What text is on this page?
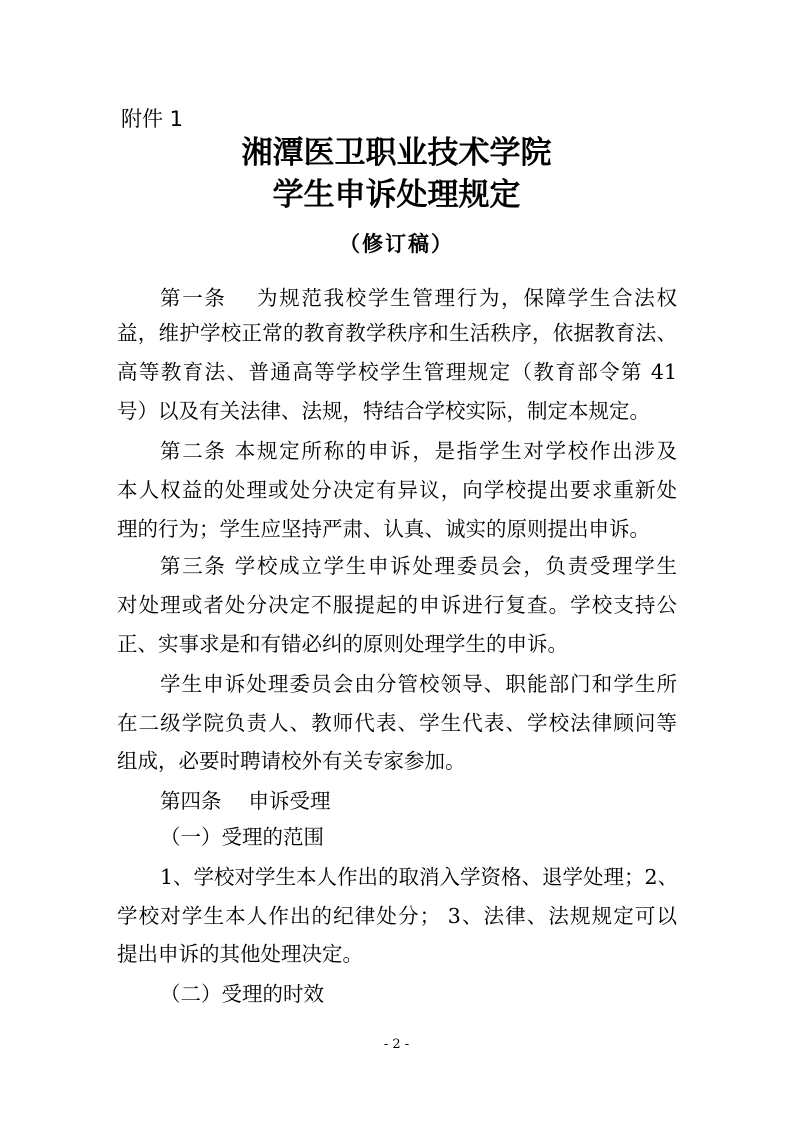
附件 1
湘潭医卫职业技术学院
学生申诉处理规定
（修订稿）
第一条　 为规范我校学生管理行为，保障学生合法权
益，维护学校正常的教育教学秩序和生活秩序，依据教育法、
高等教育法、普通高等学校学生管理规定（教育部令第 41
号）以及有关法律、法规，特结合学校实际，制定本规定。
第二条 本规定所称的申诉，是指学生对学校作出涉及
本人权益的处理或处分决定有异议，向学校提出要求重新处
理的行为；学生应坚持严肃、认真、诚实的原则提出申诉。
第三条 学校成立学生申诉处理委员会，负责受理学生
对处理或者处分决定不服提起的申诉进行复查。学校支持公
正、实事求是和有错必纠的原则处理学生的申诉。
学生申诉处理委员会由分管校领导、职能部门和学生所
在二级学院负责人、教师代表、学生代表、学校法律顾问等
组成，必要时聘请校外有关专家参加。
第四条　 申诉受理
（一）受理的范围
1、学校对学生本人作出的取消入学资格、退学处理；2、
学校对学生本人作出的纪律处分； 3、法律、法规规定可以
提出申诉的其他处理决定。
（二）受理的时效
- 2 -
